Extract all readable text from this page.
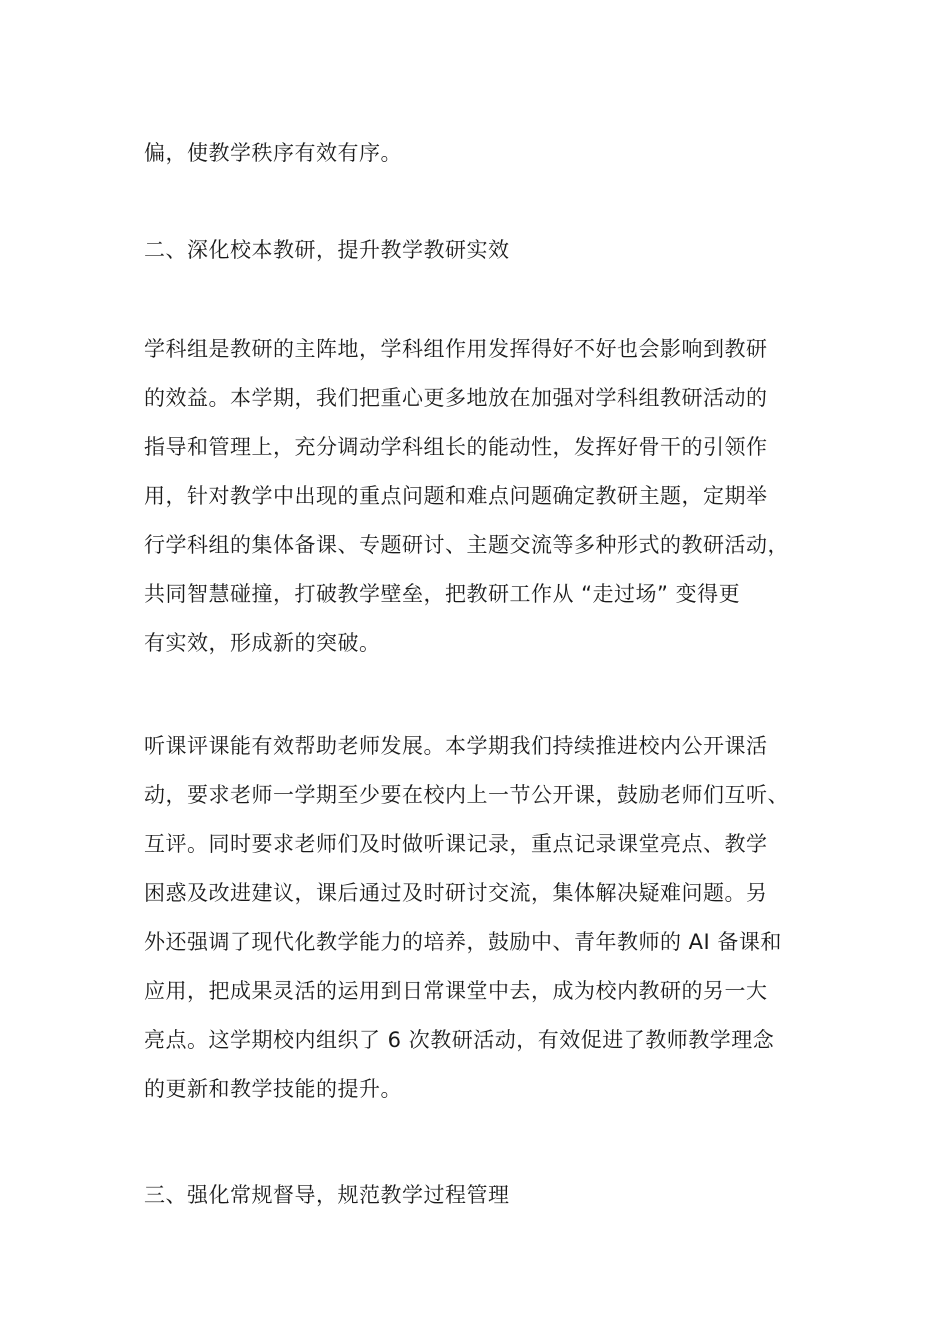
偏，使教学秩序有效有序。
二、深化校本教研，提升教学教研实效
学科组是教研的主阵地，学科组作用发挥得好不好也会影响到教研
的效益。本学期，我们把重心更多地放在加强对学科组教研活动的
指导和管理上，充分调动学科组长的能动性，发挥好骨干的引领作
用，针对教学中出现的重点问题和难点问题确定教研主题，定期举
行学科组的集体备课、专题研讨、主题交流等多种形式的教研活动，
共同智慧碰撞，打破教学壁垒，把教研工作从 “走过场” 变得更
有实效，形成新的突破。
听课评课能有效帮助老师发展。本学期我们持续推进校内公开课活
动，要求老师一学期至少要在校内上一节公开课，鼓励老师们互听、
互评。同时要求老师们及时做听课记录，重点记录课堂亮点、教学
困惑及改进建议，课后通过及时研讨交流，集体解决疑难问题。另
外还强调了现代化教学能力的培养，鼓励中、青年教师的 AI 备课和
应用，把成果灵活的运用到日常课堂中去，成为校内教研的另一大
亮点。这学期校内组织了 6 次教研活动，有效促进了教师教学理念
的更新和教学技能的提升。
三、强化常规督导，规范教学过程管理
